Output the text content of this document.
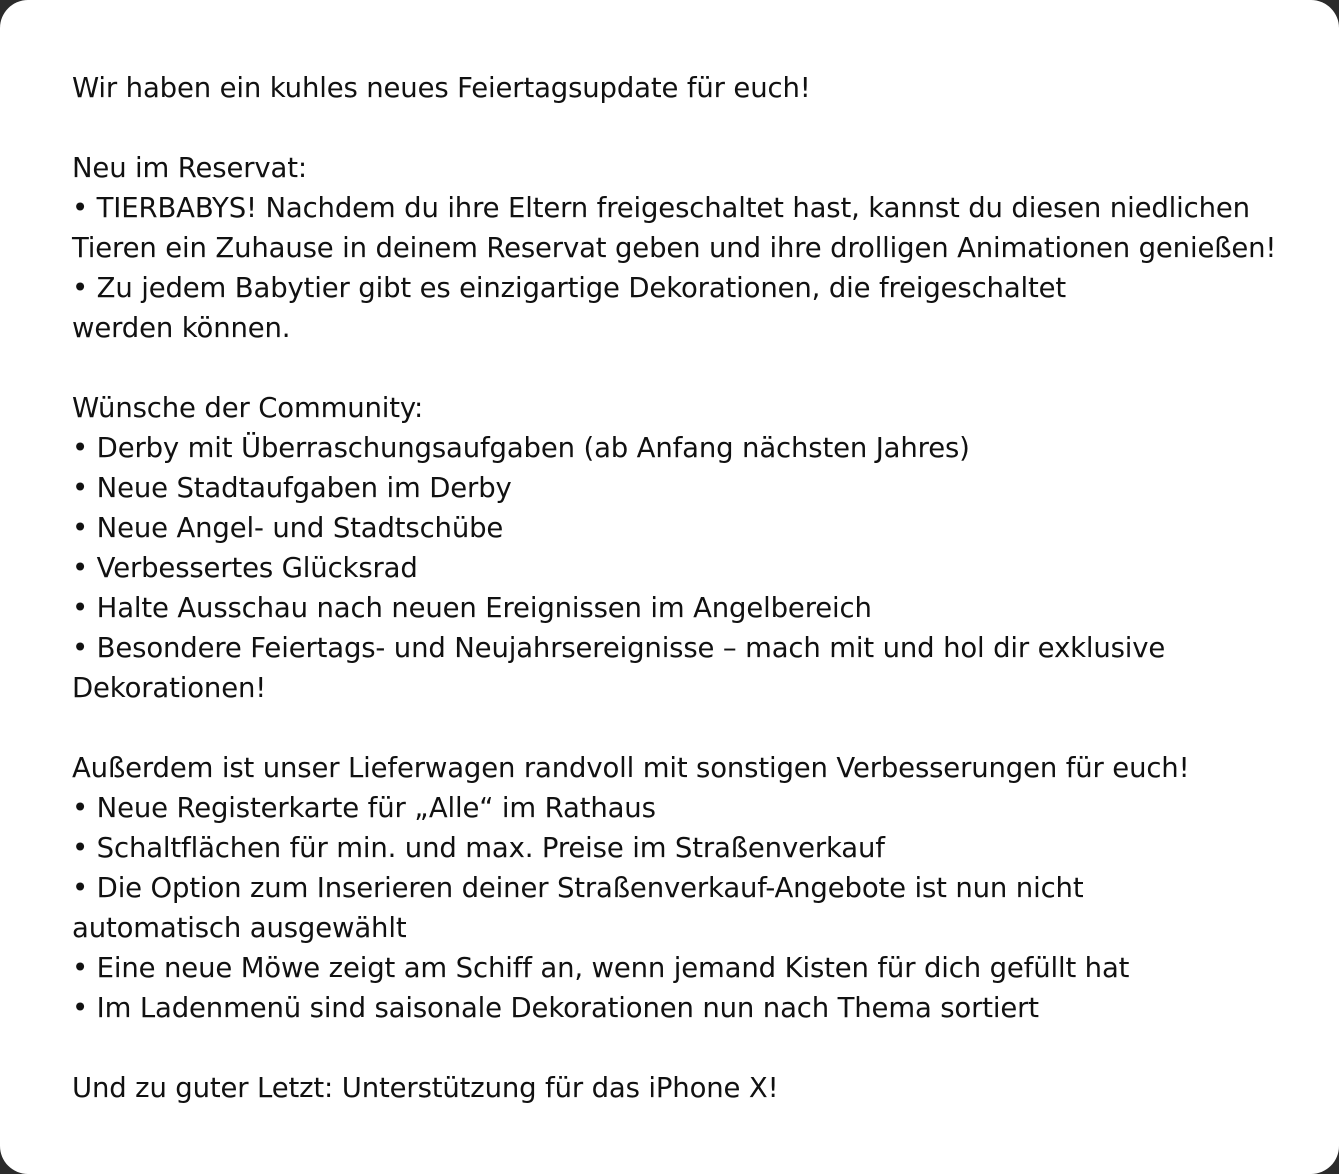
Wir haben ein kuhles neues Feiertagsupdate für euch!
Neu im Reservat:
• TIERBABYS! Nachdem du ihre Eltern freigeschaltet hast, kannst du diesen niedlichen
Tieren ein Zuhause in deinem Reservat geben und ihre drolligen Animationen genießen!
• Zu jedem Babytier gibt es einzigartige Dekorationen, die freigeschaltet
werden können.
Wünsche der Community:
• Derby mit Überraschungsaufgaben (ab Anfang nächsten Jahres)
• Neue Stadtaufgaben im Derby
• Neue Angel- und Stadtschübe
• Verbessertes Glücksrad
• Halte Ausschau nach neuen Ereignissen im Angelbereich
• Besondere Feiertags- und Neujahrsereignisse – mach mit und hol dir exklusive
Dekorationen!
Außerdem ist unser Lieferwagen randvoll mit sonstigen Verbesserungen für euch!
• Neue Registerkarte für „Alle“ im Rathaus
• Schaltflächen für min. und max. Preise im Straßenverkauf
• Die Option zum Inserieren deiner Straßenverkauf-Angebote ist nun nicht
automatisch ausgewählt
• Eine neue Möwe zeigt am Schiff an, wenn jemand Kisten für dich gefüllt hat
• Im Ladenmenü sind saisonale Dekorationen nun nach Thema sortiert
Und zu guter Letzt: Unterstützung für das iPhone X!
